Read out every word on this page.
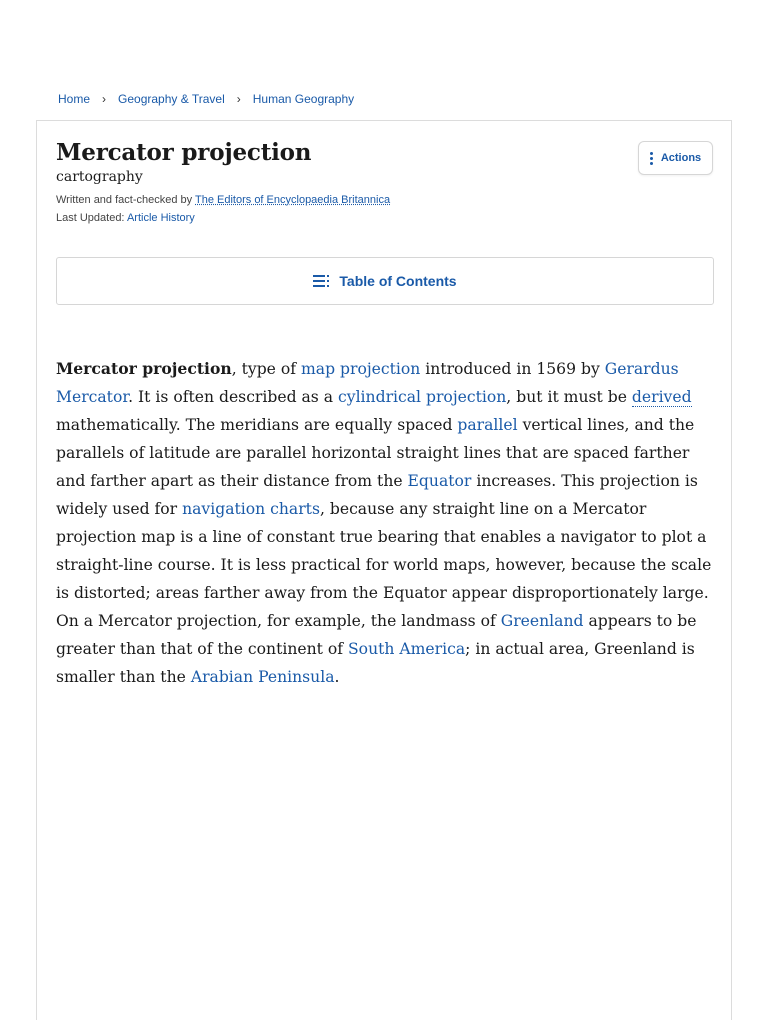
Home › Geography & Travel › Human Geography
Mercator projection
cartography
Written and fact-checked by The Editors of Encyclopaedia Britannica
Last Updated: Article History
Actions
Table of Contents

Mercator projection, type of map projection introduced in 1569 by Gerardus Mercator. It is often described as a cylindrical projection, but it must be derived mathematically. The meridians are equally spaced parallel vertical lines, and the parallels of latitude are parallel horizontal straight lines that are spaced farther and farther apart as their distance from the Equator increases. This projection is widely used for navigation charts, because any straight line on a Mercator projection map is a line of constant true bearing that enables a navigator to plot a straight-line course. It is less practical for world maps, however, because the scale is distorted; areas farther away from the Equator appear disproportionately large. On a Mercator projection, for example, the landmass of Greenland appears to be greater than that of the continent of South America; in actual area, Greenland is smaller than the Arabian Peninsula.
